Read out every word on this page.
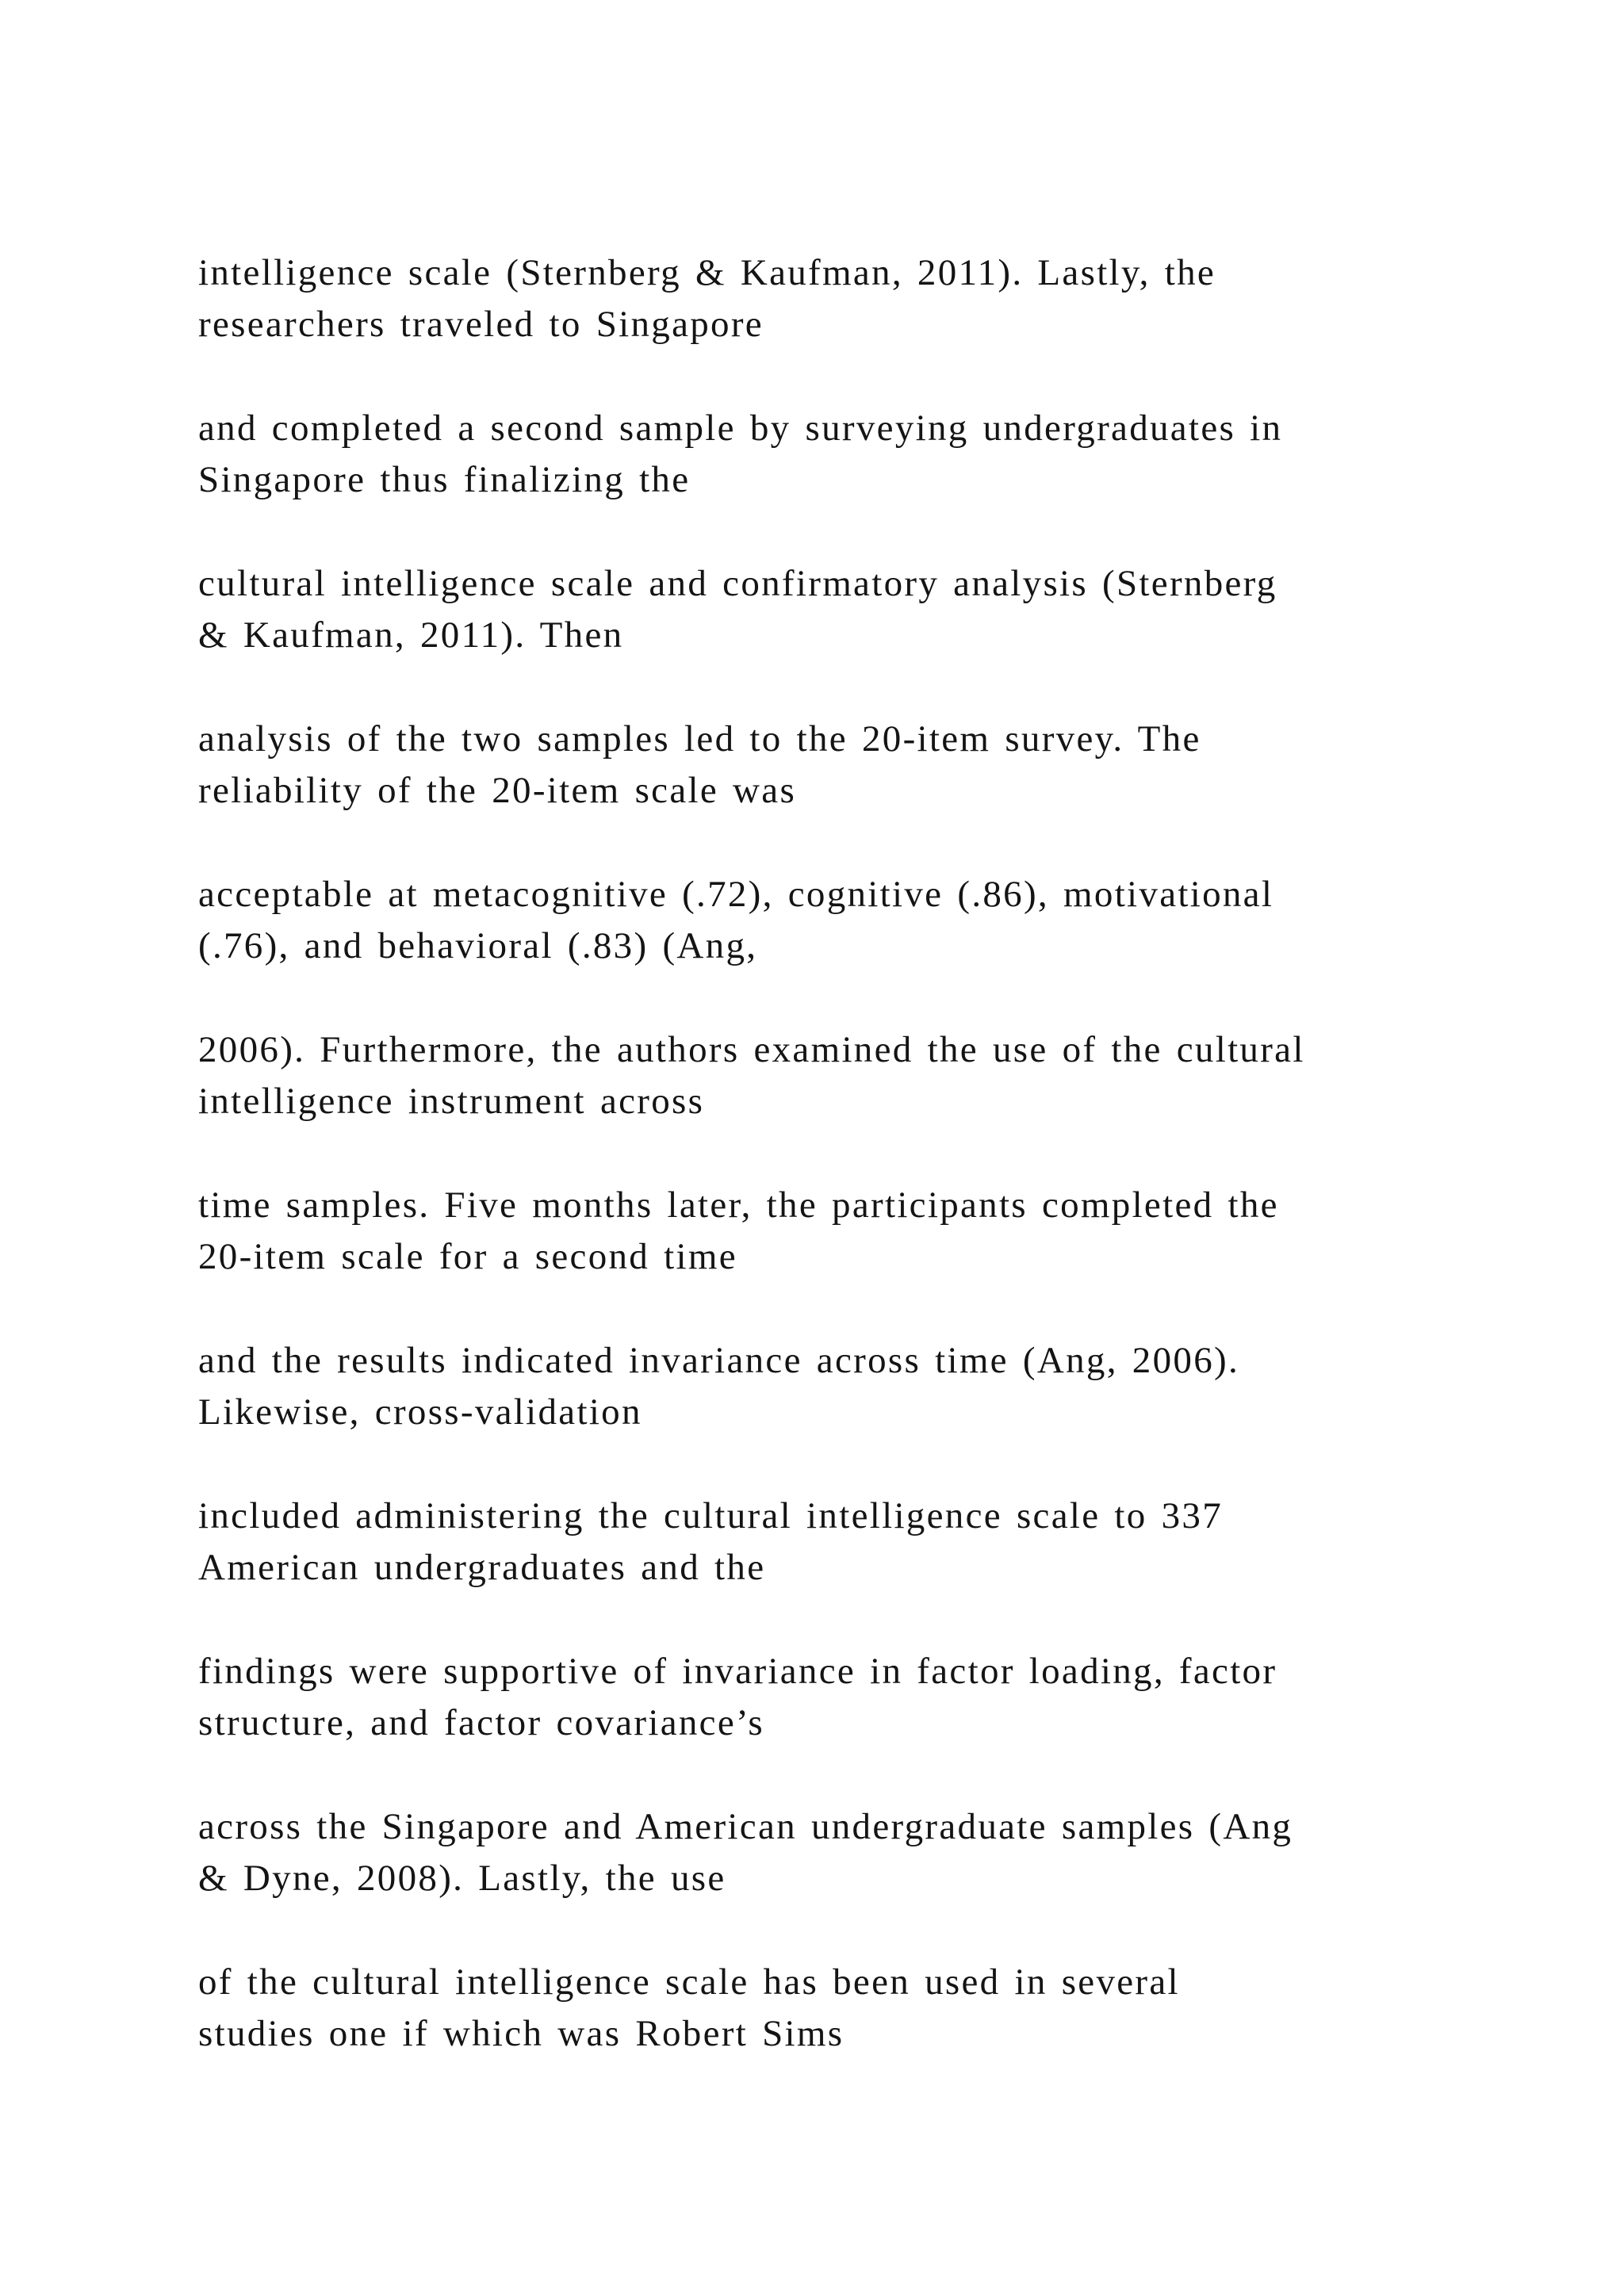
intelligence scale (Sternberg & Kaufman, 2011). Lastly, the
researchers traveled to Singapore

and completed a second sample by surveying undergraduates in
Singapore thus finalizing the

cultural intelligence scale and confirmatory analysis (Sternberg
& Kaufman, 2011). Then

analysis of the two samples led to the 20-item survey. The
reliability of the 20-item scale was

acceptable at metacognitive (.72), cognitive (.86), motivational
(.76), and behavioral (.83) (Ang,

2006). Furthermore, the authors examined the use of the cultural
intelligence instrument across

time samples. Five months later, the participants completed the
20-item scale for a second time

and the results indicated invariance across time (Ang, 2006).
Likewise, cross-validation

included administering the cultural intelligence scale to 337
American undergraduates and the

findings were supportive of invariance in factor loading, factor
structure, and factor covariance’s

across the Singapore and American undergraduate samples (Ang
& Dyne, 2008). Lastly, the use

of the cultural intelligence scale has been used in several
studies one if which was Robert Sims
